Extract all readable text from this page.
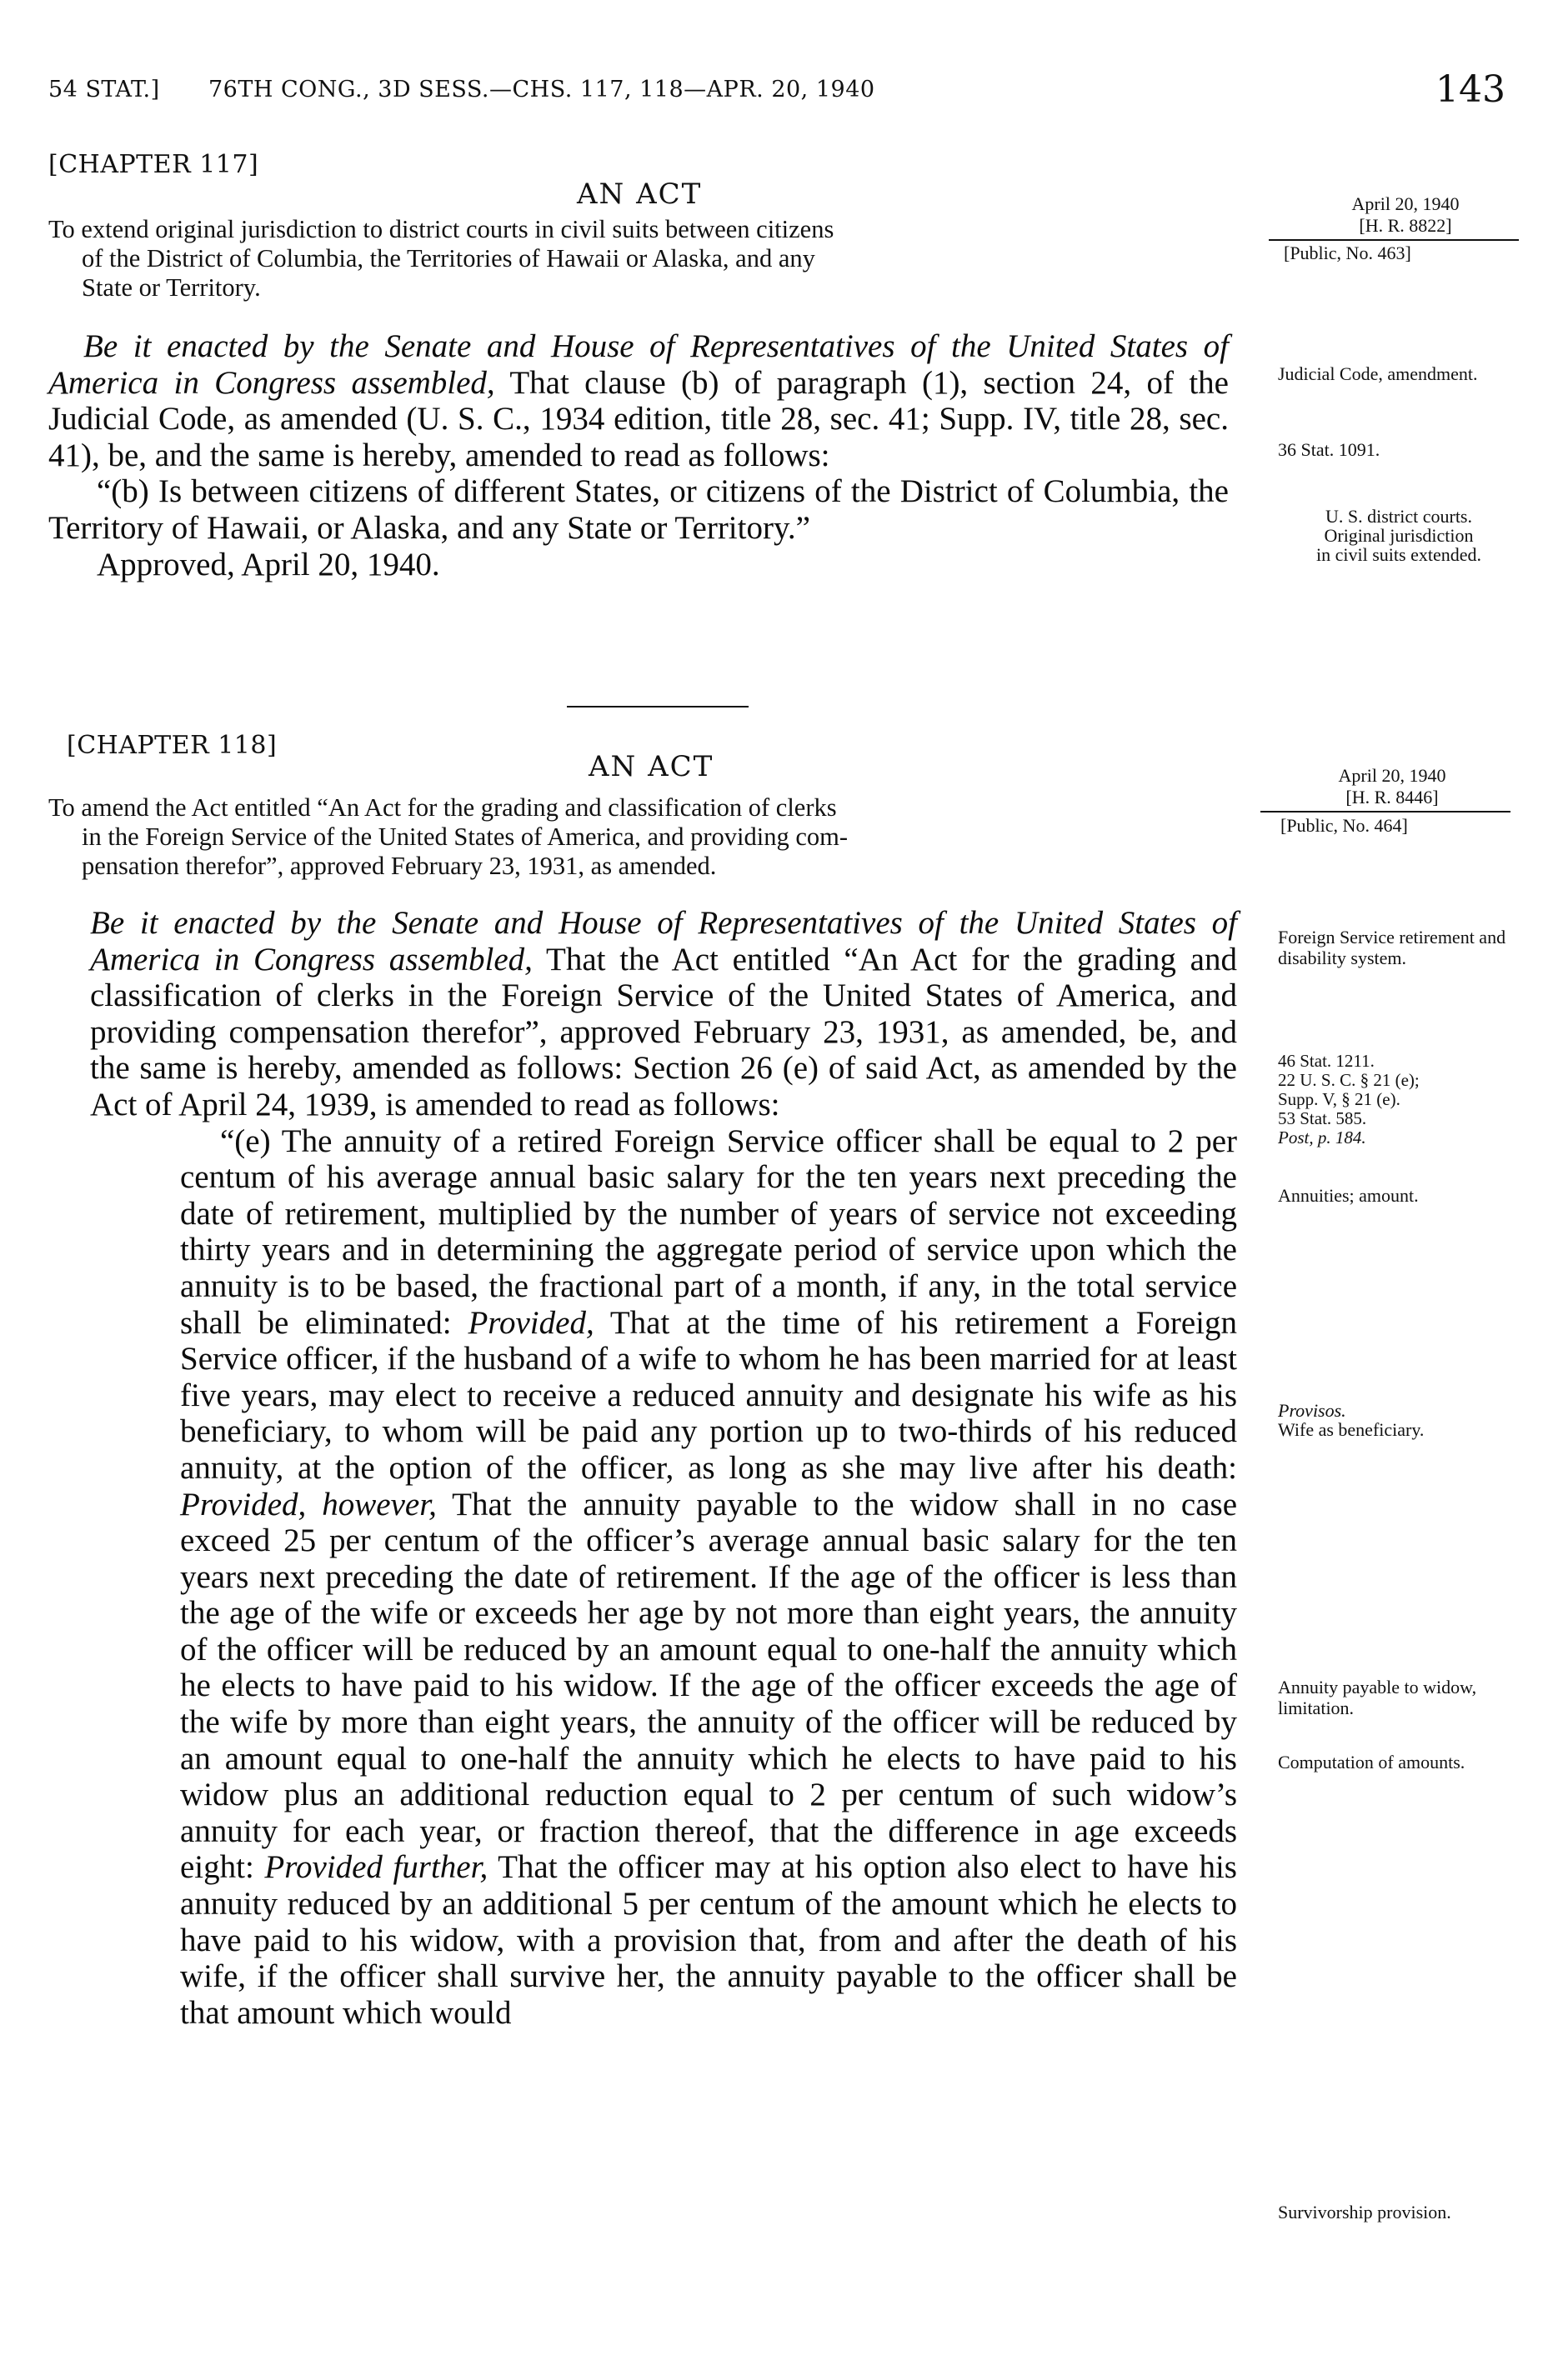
54 STAT.] 76TH CONG., 3D SESS.—CHS. 117, 118—APR. 20, 1940	143
[CHAPTER 117]
AN ACT
To extend original jurisdiction to district courts in civil suits between citizens
of the District of Columbia, the Territories of Hawaii or Alaska, and any
State or Territory.
April 20, 1940
[H. R. 8822]
[Public, No. 463]

Be it enacted by the Senate and House of Representatives of the United States of America in Congress assembled, That clause (b) of paragraph (1), section 24, of the Judicial Code, as amended (U. S. C., 1934 edition, title 28, sec. 41; Supp. IV, title 28, sec. 41), be, and the same is hereby, amended to read as follows:

“(b) Is between citizens of different States, or citizens of the District of Columbia, the Territory of Hawaii, or Alaska, and any State or Territory.”

Approved, April 20, 1940.

Judicial Code, amendment.
36 Stat. 1091.
U. S. district courts.
Original jurisdiction
in civil suits extended.
[CHAPTER 118]
AN ACT
To amend the Act entitled “An Act for the grading and classification of clerks
in the Foreign Service of the United States of America, and providing com-
pensation therefor”, approved February 23, 1931, as amended.
April 20, 1940
[H. R. 8446]
[Public, No. 464]

Be it enacted by the Senate and House of Representatives of the United States of America in Congress assembled, That the Act entitled “An Act for the grading and classification of clerks in the Foreign Service of the United States of America, and providing compensation therefor”, approved February 23, 1931, as amended, be, and the same is hereby, amended as follows: Section 26 (e) of said Act, as amended by the Act of April 24, 1939, is amended to read as follows:

“(e) The annuity of a retired Foreign Service officer shall be equal to 2 per centum of his average annual basic salary for the ten years next preceding the date of retirement, multiplied by the number of years of service not exceeding thirty years and in determining the aggregate period of service upon which the annuity is to be based, the fractional part of a month, if any, in the total service shall be eliminated: Provided, That at the time of his retirement a Foreign Service officer, if the husband of a wife to whom he has been married for at least five years, may elect to receive a reduced annuity and designate his wife as his beneficiary, to whom will be paid any portion up to two-thirds of his reduced annuity, at the option of the officer, as long as she may live after his death: Provided, however, That the annuity payable to the widow shall in no case exceed 25 per centum of the officer’s average annual basic salary for the ten years next preceding the date of retirement. If the age of the officer is less than the age of the wife or exceeds her age by not more than eight years, the annuity of the officer will be reduced by an amount equal to one-half the annuity which he elects to have paid to his widow. If the age of the officer exceeds the age of the wife by more than eight years, the annuity of the officer will be reduced by an amount equal to one-half the annuity which he elects to have paid to his widow plus an additional reduction equal to 2 per centum of such widow’s annuity for each year, or fraction thereof, that the difference in age exceeds eight: Provided further, That the officer may at his option also elect to have his annuity reduced by an additional 5 per centum of the amount which he elects to have paid to his widow, with a provision that, from and after the death of his wife, if the officer shall survive her, the annuity payable to the officer shall be that amount which would

Foreign Service retirement and disability system.
46 Stat. 1211.
22 U. S. C. § 21 (e);
Supp. V, § 21 (e).
53 Stat. 585.
Post, p. 184.
Annuities; amount.
Provisos.
Wife as beneficiary.
Annuity payable to widow, limitation.
Computation of amounts.
Survivorship provision.
